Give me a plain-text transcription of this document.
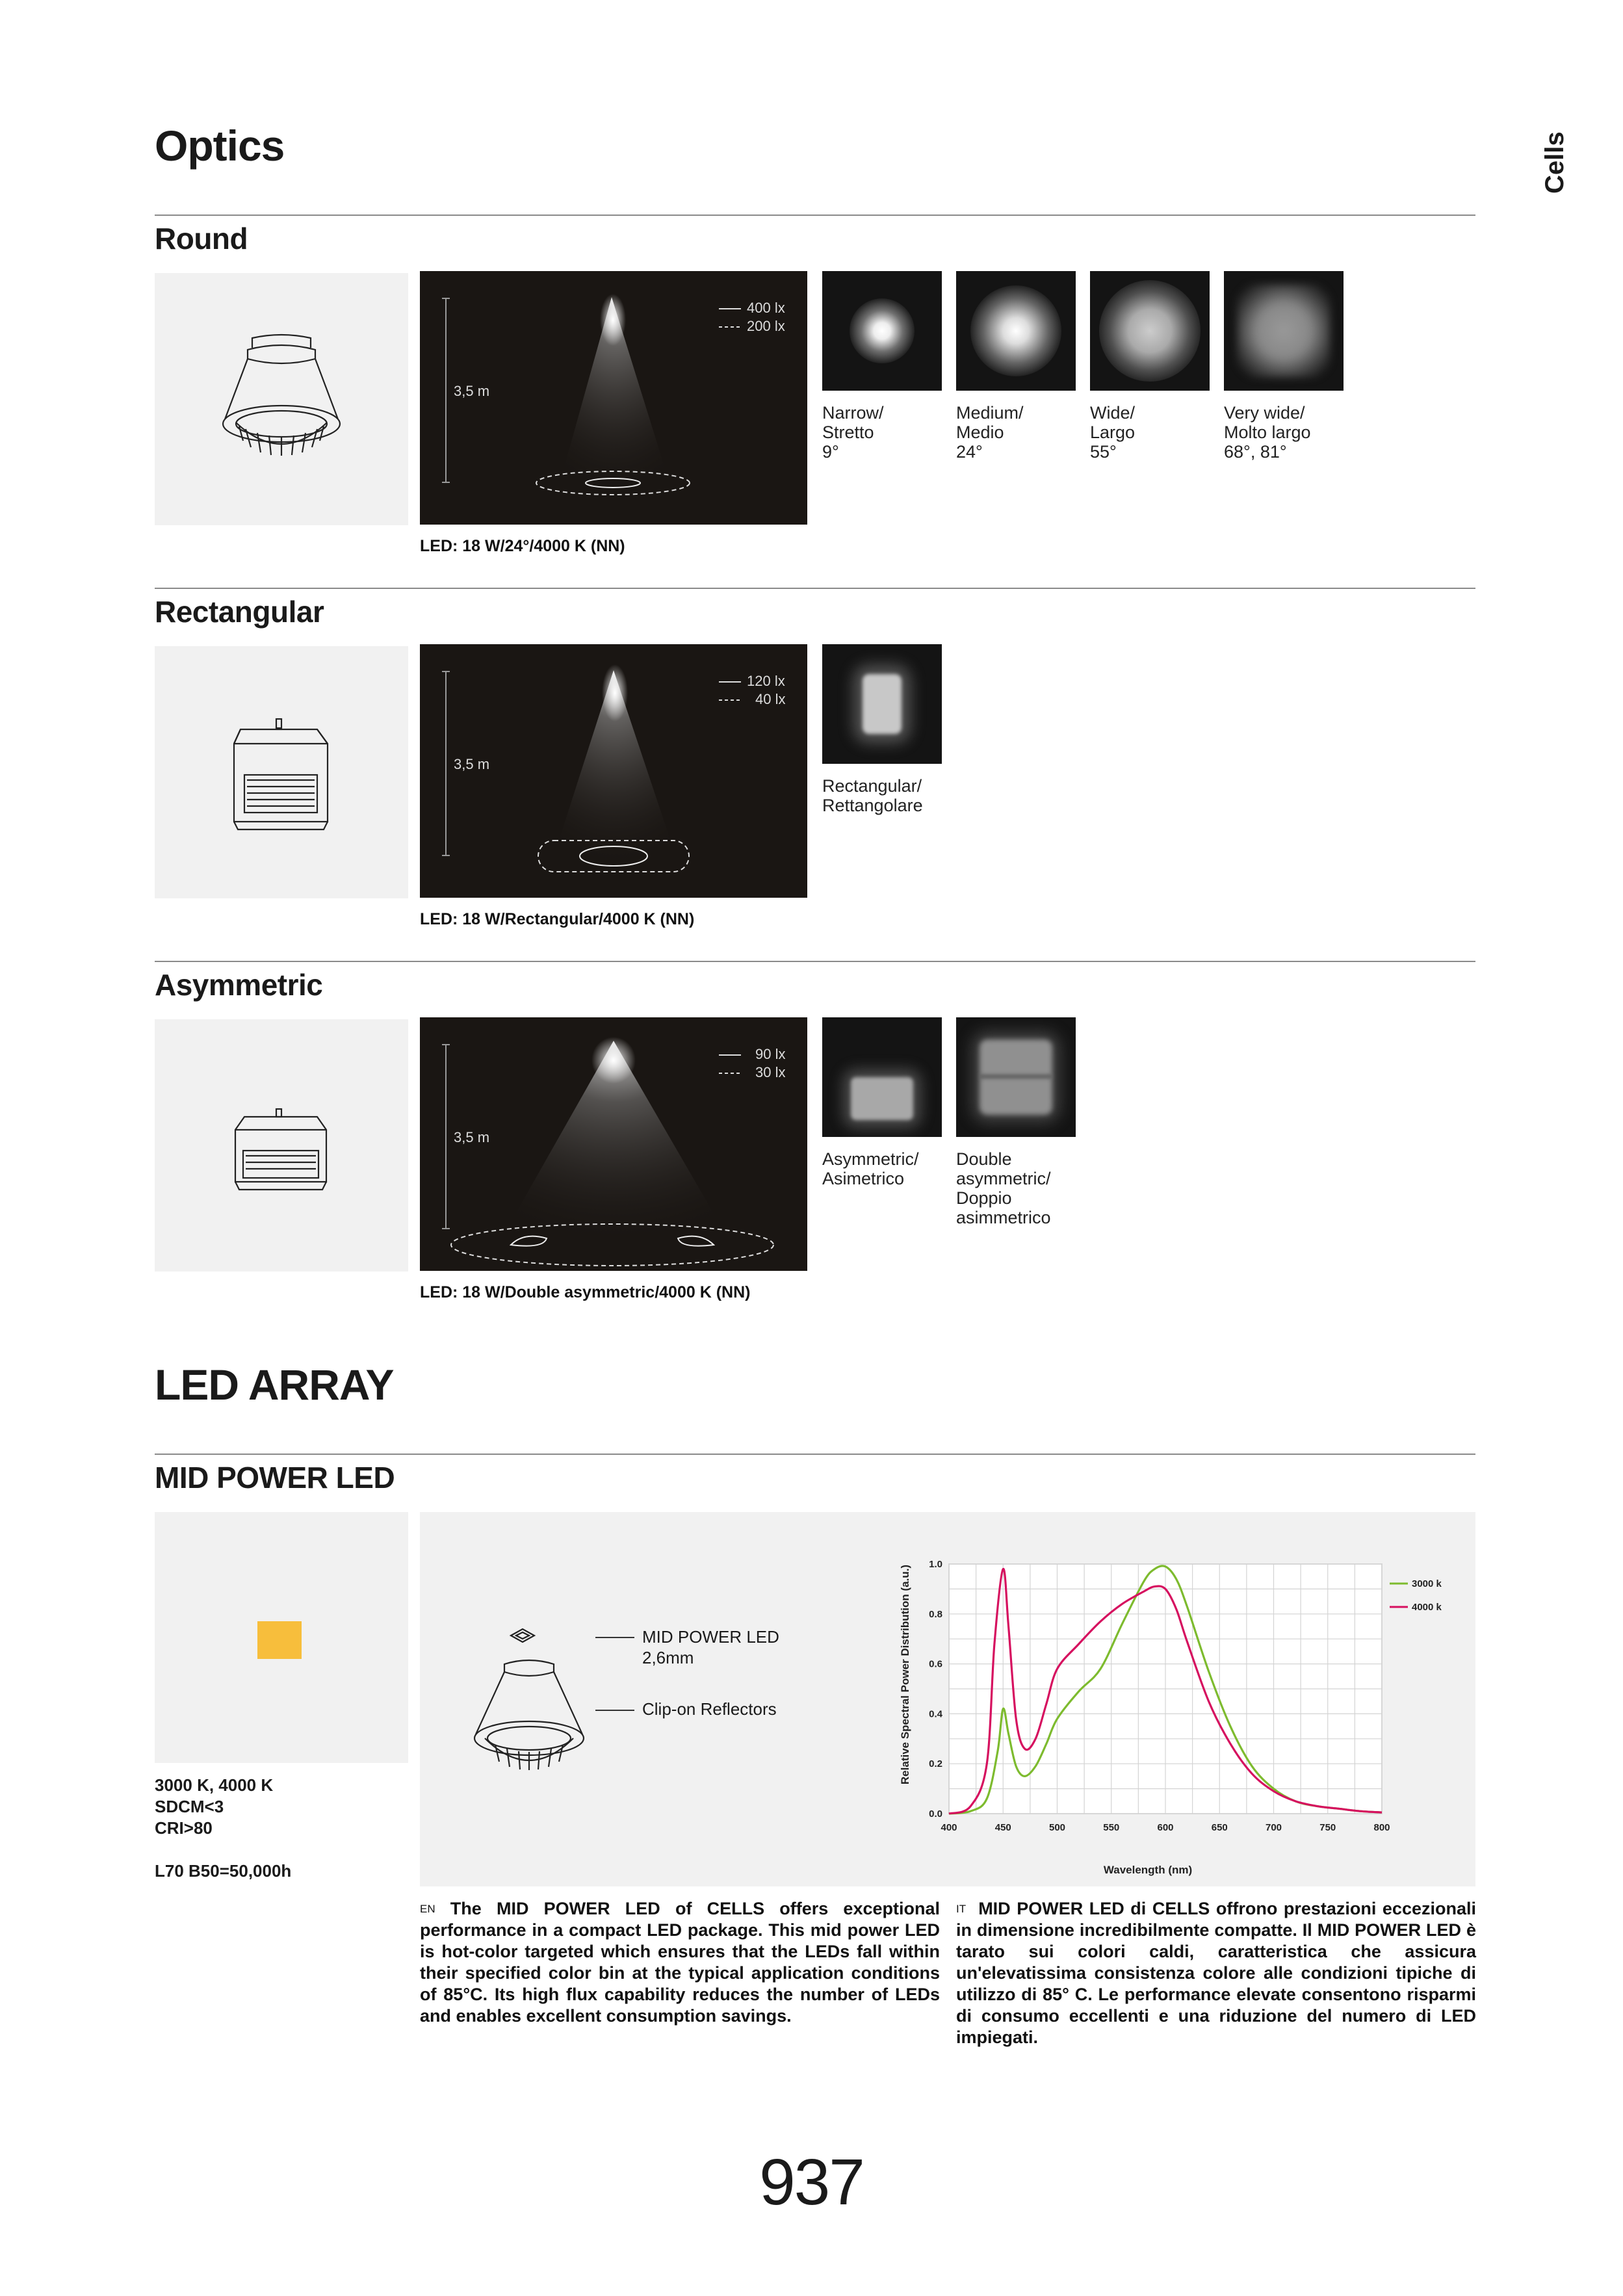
Optics	Cells
Round
400 lx
200 lx
3,5 m
LED: 18 W/24°/4000 K (NN)
Narrow/
Stretto
9°
Medium/
Medio
24°
Wide/
Largo
55°
Very wide/
Molto largo
68°, 81°
Rectangular
120 lx
40 lx
3,5 m
LED: 18 W/Rectangular/4000 K (NN)
Rectangular/
Rettangolare
Asymmetric
90 lx
30 lx
3,5 m
LED: 18 W/Double asymmetric/4000 K (NN)
Asymmetric/
Asimetrico
Double
asymmetric/
Doppio
asimmetrico
LED ARRAY
MID POWER LED
3000 K, 4000 K
SDCM<3
CRI>80
L70 B50=50,000h
MID POWER LED
2,6mm
Clip-on Reflectors
400	450	500	550	600	650	700	750	800
0.0
0.2
0.4
0.6
0.8
1.0
Relative Spectral Power Distribution (a.u.)
Wavelength (nm)
3000 k
4000 k
$^{EN}$ The MID POWER LED of CELLS offers exceptional performance in a compact LED package. This mid power LED is hot-color targeted which ensures that the LEDs fall within their specified color bin at the typical application conditions of 85°C. Its high flux capability reduces the number of LEDs and enables excellent consumption savings.
$^{IT}$ MID POWER LED di CELLS offrono prestazioni eccezionali in dimensione incredibilmente compatte. Il MID POWER LED è tarato sui colori caldi, caratteristica che assicura un'elevatissima consistenza colore alle condizioni tipiche di utilizzo di 85° C. Le performance elevate consentono risparmi di consumo eccellenti e una riduzione del numero di LED impiegati.
937
